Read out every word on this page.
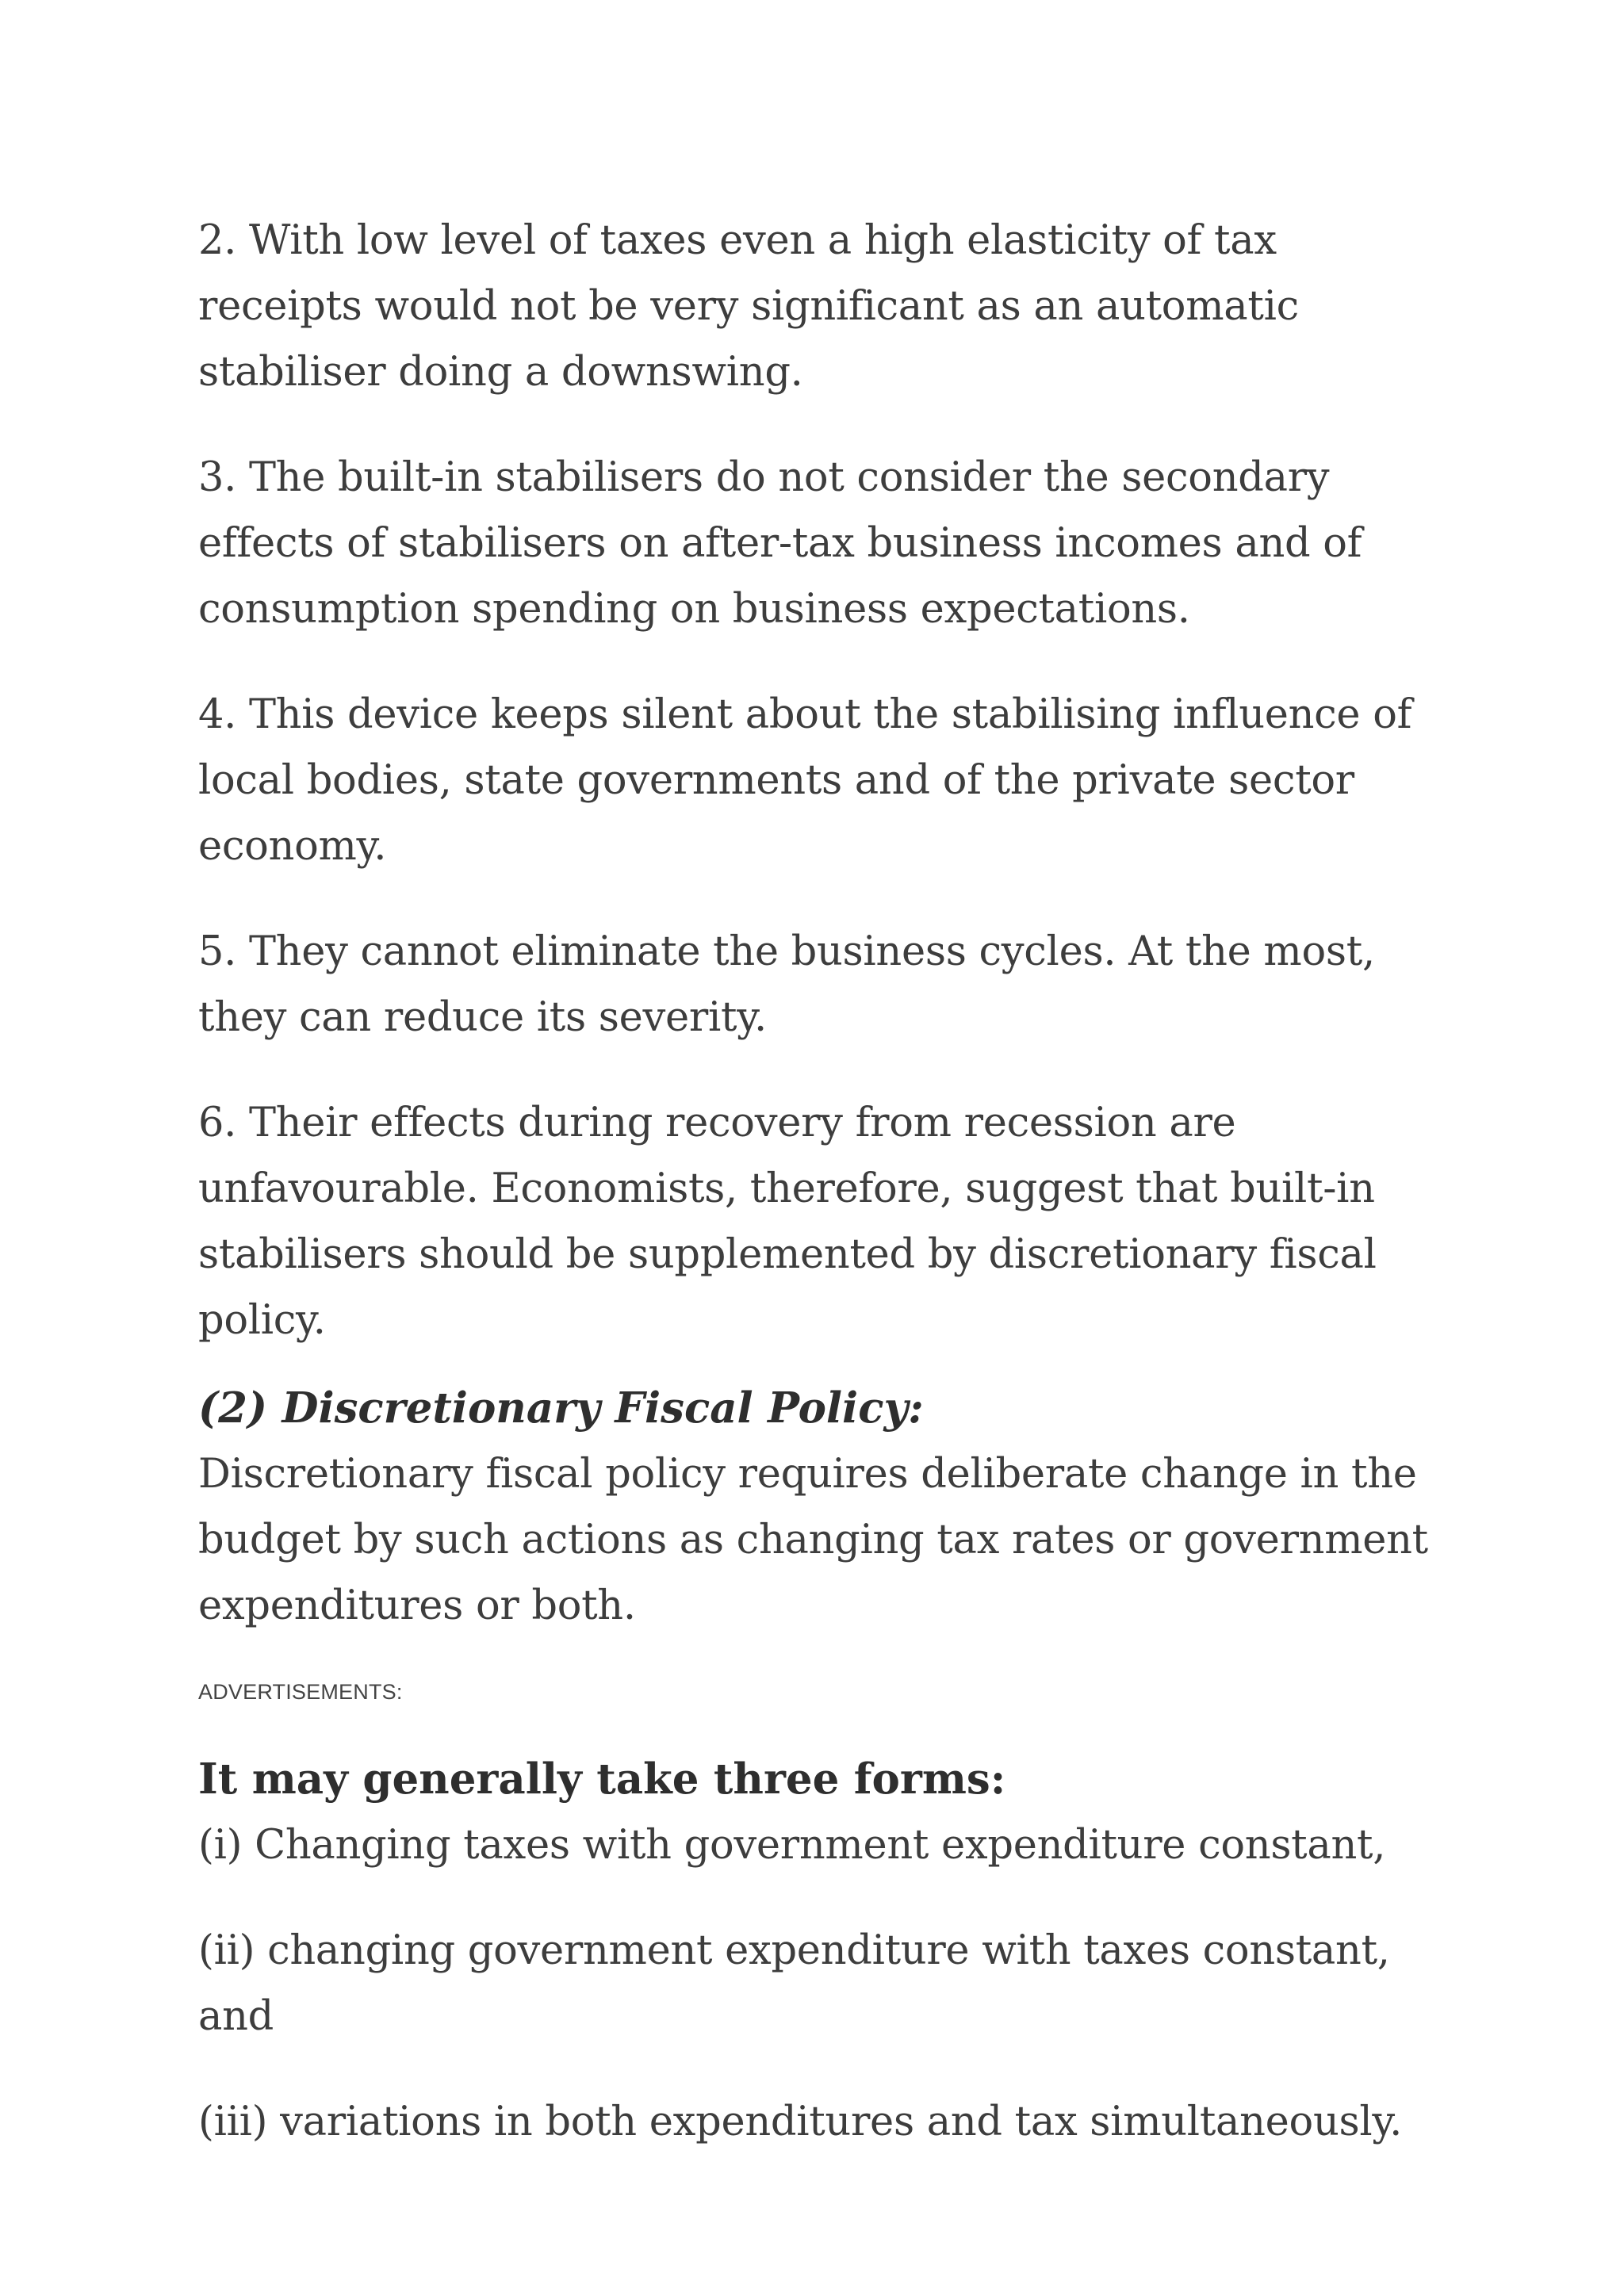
2. With low level of taxes even a high elasticity of tax receipts would not be very significant as an automatic stabiliser doing a downswing.

3. The built-in stabilisers do not consider the secondary effects of stabilisers on after-tax business incomes and of consumption spending on business expectations.

4. This device keeps silent about the stabilising influence of local bodies, state governments and of the private sector economy.

5. They cannot eliminate the business cycles. At the most, they can reduce its severity.

6. Their effects during recovery from recession are unfavourable. Economists, therefore, suggest that built-in stabilisers should be supplemented by discretionary fiscal policy.

(2) Discretionary Fiscal Policy:

Discretionary fiscal policy requires deliberate change in the budget by such actions as changing tax rates or government expenditures or both.

ADVERTISEMENTS:
It may generally take three forms:

(i) Changing taxes with government expenditure constant,

(ii) changing government expenditure with taxes constant, and

(iii) variations in both expenditures and tax simultaneously.
